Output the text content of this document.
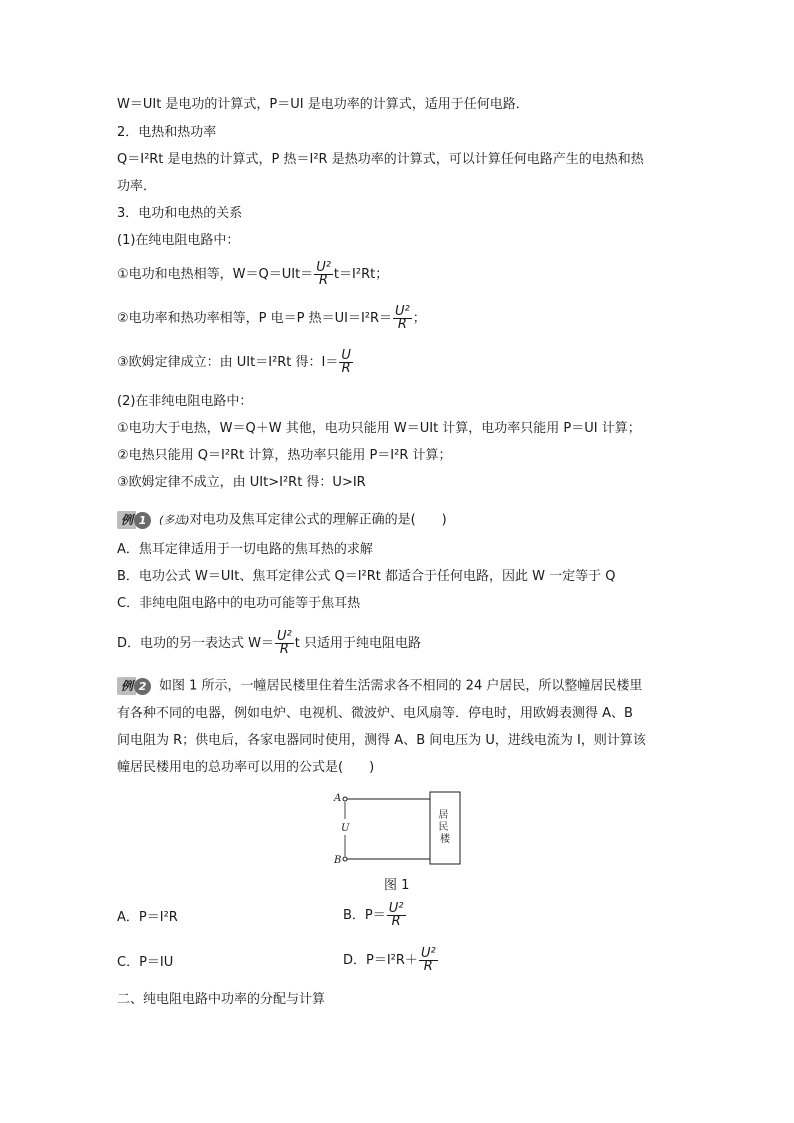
W＝UIt 是电功的计算式，P＝UI 是电功率的计算式，适用于任何电路．
2．电热和热功率
Q＝I²Rt 是电热的计算式，P 热＝I²R 是热功率的计算式，可以计算任何电路产生的电热和热
功率．
3．电功和电热的关系
(1)在纯电阻电路中：
①电功和电热相等，$W=Q=UIt= \frac{\text{U²}}{R} t=I^2Rt$；
②电功率和热功率相等，P 电＝P 热$=UI=I^2R= \frac{\text{U²}}{R}$ ；
③欧姆定律成立：由 UIt＝I²Rt 得：$I= \frac{U}{R}$
(2)在非纯电阻电路中：
①电功大于电热，W＝Q＋W 其他，电功只能用 W＝UIt 计算，电功率只能用 P＝UI 计算；
②电热只能用 Q＝I²Rt 计算，热功率只能用 P＝I²R 计算；
③欧姆定律不成立，由 UIt>I²Rt 得：U>IR
例 1 (多选)对电功及焦耳定律公式的理解正确的是(　　)
A．焦耳定律适用于一切电路的焦耳热的求解
B．电功公式 W＝UIt、焦耳定律公式 Q＝I²Rt 都适合于任何电路，因此 W 一定等于 Q
C．非纯电阻电路中的电功可能等于焦耳热
D．电功的另一表达式 $W= \frac{\text{U²}}{R}$ t 只适用于纯电阻电路
例 2 如图 1 所示，一幢居民楼里住着生活需求各不相同的 24 户居民，所以整幢居民楼里
有各种不同的电器，例如电炉、电视机、微波炉、电风扇等．停电时，用欧姆表测得 A、B
间电阻为 R；供电后，各家电器同时使用，测得 A、B 间电压为 U，进线电流为 I，则计算该
幢居民楼用电的总功率可以用的公式是(　　)
A
B
U
居 民 楼
居民楼
图 1
A．P＝I²R	B．$P= \frac{\text{U²}}{R}$
C．P＝IU	D．$P=I^2R+ \frac{\text{U²}}{R}$
二、纯电阻电路中功率的分配与计算
